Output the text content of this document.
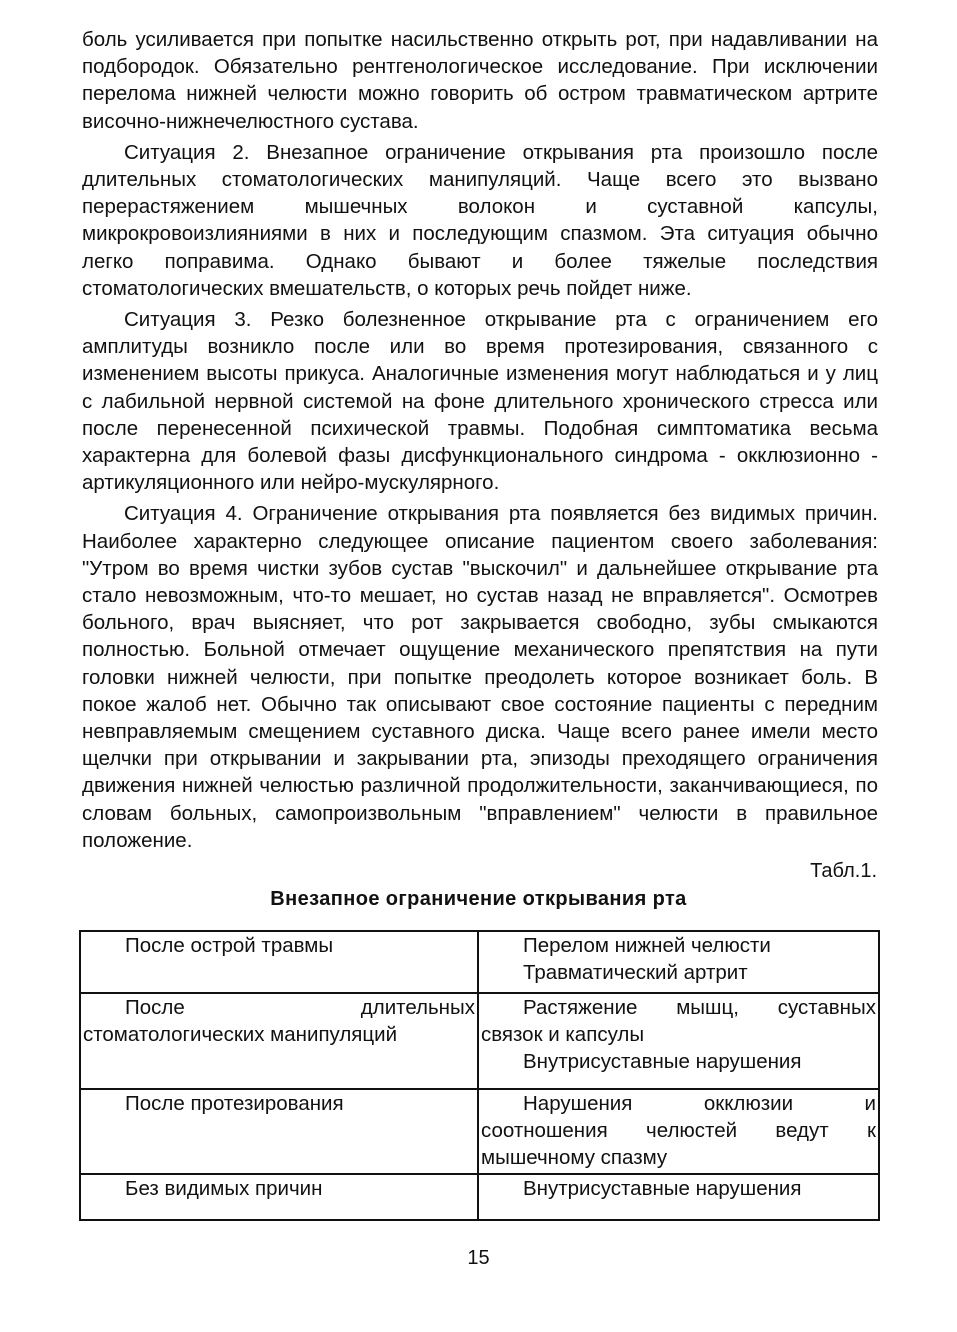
боль усиливается при попытке насильственно открыть рот, при надавливании на подбородок. Обязательно рентгенологическое исследование. При исключении перелома нижней челюсти можно говорить об остром травматическом артрите височно-нижнечелюстного сустава.

Ситуация 2. Внезапное ограничение открывания рта произошло после длительных стоматологических манипуляций. Чаще всего это вызвано перерастяжением мышечных волокон и суставной капсулы, микрокровоизлияниями в них и последующим спазмом. Эта ситуация обычно легко поправима. Однако бывают и более тяжелые последствия стоматологических вмешательств, о которых речь пойдет ниже.

Ситуация 3. Резко болезненное открывание рта с ограничением его амплитуды возникло после или во время протезирования, связанного с изменением высоты прикуса. Аналогичные изменения могут наблюдаться и у лиц с лабильной нервной системой на фоне длительного хронического стресса или после перенесенной психической травмы. Подобная симптоматика весьма характерна для болевой фазы дисфункционального синдрома - окклюзионно - артикуляционного или нейро-мускулярного.

Ситуация 4. Ограничение открывания рта появляется без видимых причин. Наиболее характерно следующее описание пациентом своего заболевания: "Утром во время чистки зубов сустав "выскочил" и дальнейшее открывание рта стало невозможным, что-то мешает, но сустав назад не вправляется". Осмотрев больного, врач выясняет, что рот закрывается свободно, зубы смыкаются полностью. Больной отмечает ощущение механического препятствия на пути головки нижней челюсти, при попытке преодолеть которое возникает боль. В покое жалоб нет. Обычно так описывают свое состояние пациенты с передним невправляемым смещением суставного диска. Чаще всего ранее имели место щелчки при открывании и закрывании рта, эпизоды преходящего ограничения движения нижней челюстью различной продолжительности, заканчивающиеся, по словам больных, самопроизвольным "вправлением" челюсти в правильное положение.

Табл.1.
Внезапное ограничение открывания рта
После острой травмы	Перелом нижней челюсти
Травматический артрит

После длительных стоматологических манипуляций	Растяжение мышц, суставных связок и капсулы
Внутрисуставные нарушения

После протезирования	Нарушения окклюзии и соотношения челюстей ведут к мышечному спазму

Без видимых причин	Внутрисуставные нарушения
15
